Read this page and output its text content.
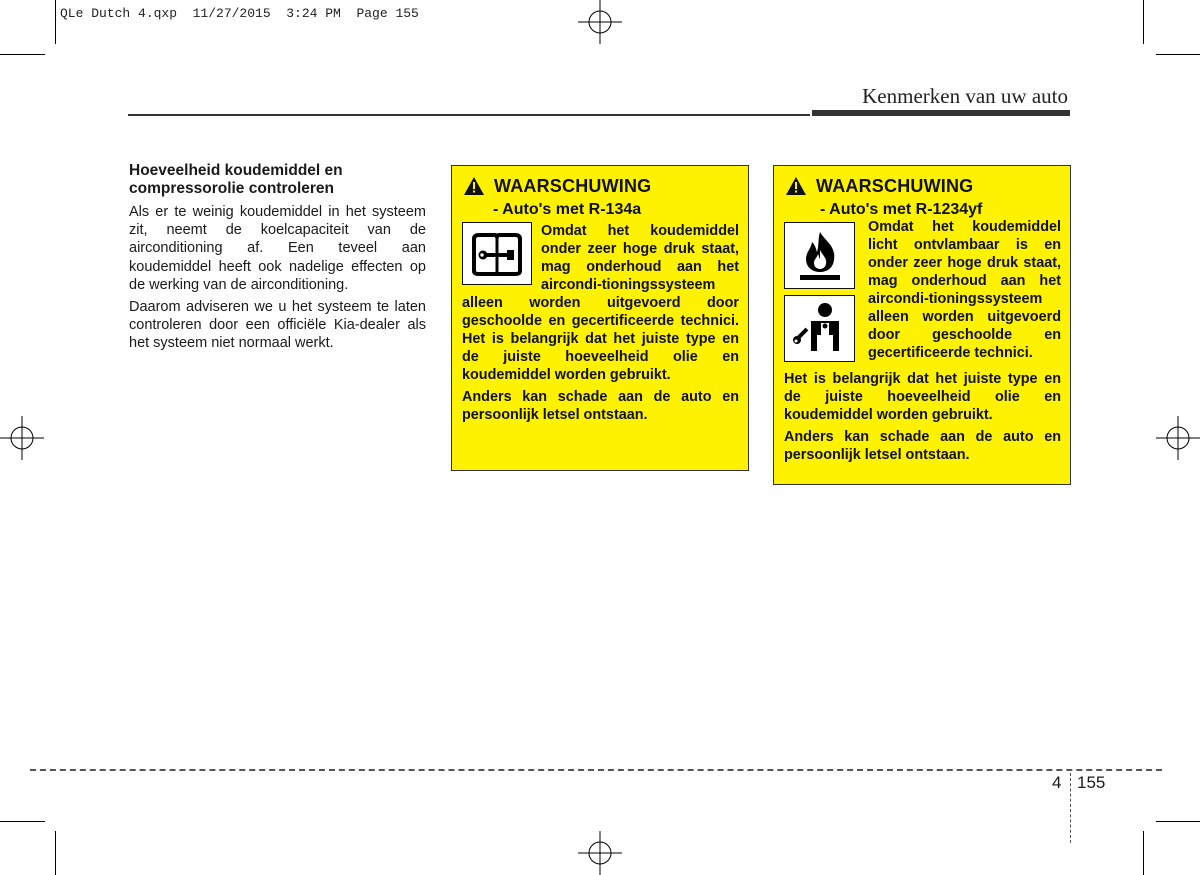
QLe Dutch 4.qxp  11/27/2015  3:24 PM  Page 155
Kenmerken van uw auto
Hoeveelheid koudemiddel en compressorolie controleren

Als er te weinig koudemiddel in het systeem zit, neemt de koelcapaciteit van de airconditioning af. Een teveel aan koudemiddel heeft ook nadelige effecten op de werking van de airconditioning.

Daarom adviseren we u het systeem te laten controleren door een officiële Kia-dealer als het systeem niet normaal werkt.

WAARSCHUWING
- Auto's met R-134a
Omdat het koudemiddel onder zeer hoge druk staat, mag onderhoud aan het aircondi-tioningssysteem alleen worden uitgevoerd door geschoolde en gecertificeerde technici. Het is belangrijk dat het juiste type en de juiste hoeveelheid olie en koudemiddel worden gebruikt.
Anders kan schade aan de auto en persoonlijk letsel ontstaan.
WAARSCHUWING
- Auto's met R-1234yf
Omdat het koudemiddel licht ontvlambaar is en onder zeer hoge druk staat, mag onderhoud aan het aircondi-tioningssysteem alleen worden uitgevoerd door geschoolde en gecertificeerde technici.
Het is belangrijk dat het juiste type en de juiste hoeveelheid olie en koudemiddel worden gebruikt.
Anders kan schade aan de auto en persoonlijk letsel ontstaan.
4 155
